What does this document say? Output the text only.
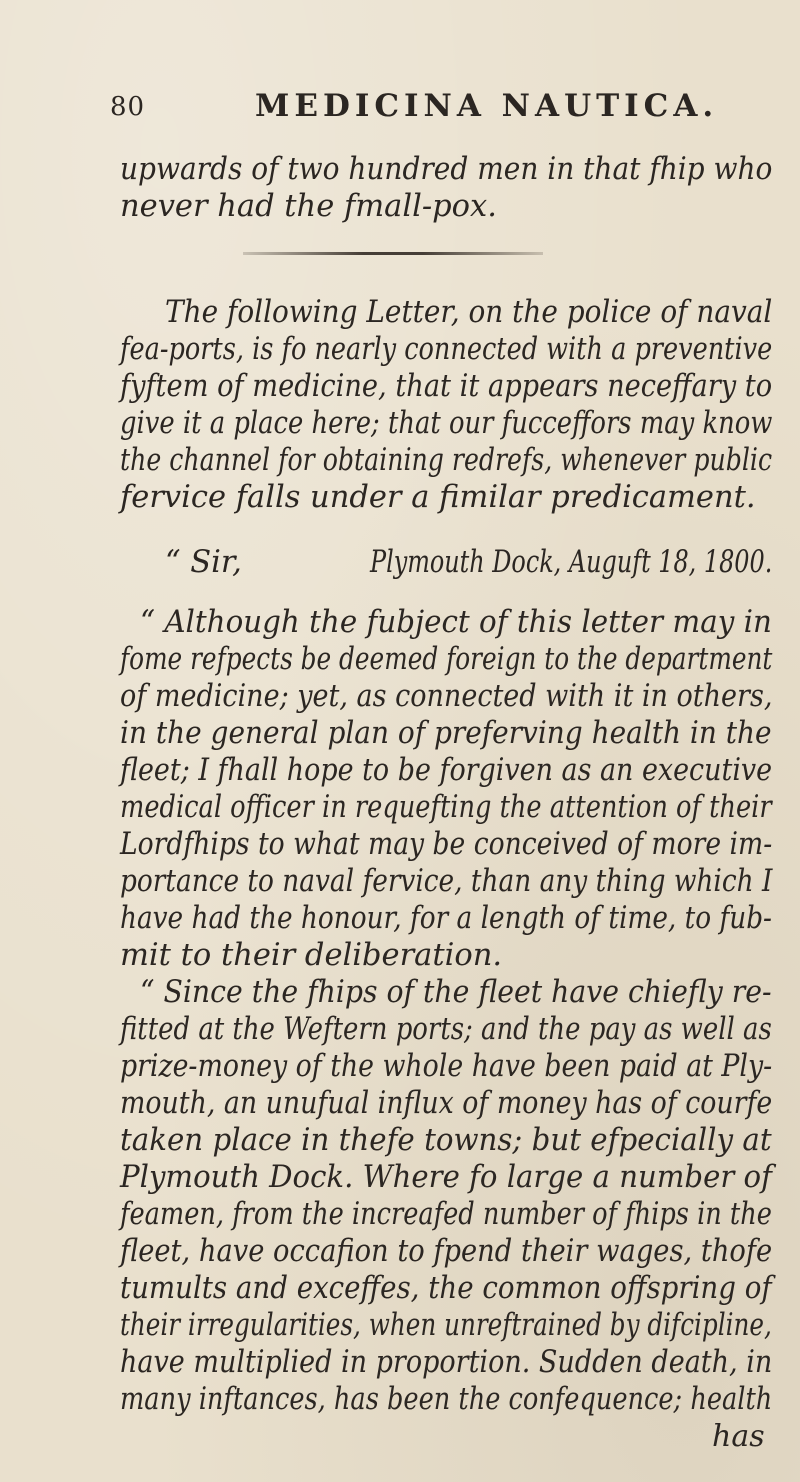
80	MEDICINA NAUTICA.
upwards of two hundred men in that fhip who
never had the fmall-pox.
The following Letter, on the police of naval
fea-ports, is fo nearly connected with a preventive
fyftem of medicine, that it appears neceffary to
give it a place here; that our fucceffors may know
the channel for obtaining redrefs, whenever public
fervice falls under a fimilar predicament.
“ Sir,	Plymouth Dock, Auguft 18, 1800.
“ Although the fubject of this letter may in
fome refpects be deemed foreign to the department
of medicine; yet, as connected with it in others,
in the general plan of preferving health in the
fleet; I fhall hope to be forgiven as an executive
medical officer in requefting the attention of their
Lordfhips to what may be conceived of more im-
portance to naval fervice, than any thing which I
have had the honour, for a length of time, to fub-
mit to their deliberation.
“ Since the fhips of the fleet have chiefly re-
fitted at the Weftern ports; and the pay as well as
prize-money of the whole have been paid at Ply-
mouth, an unufual influx of money has of courfe
taken place in thefe towns; but efpecially at
Plymouth Dock. Where fo large a number of
feamen, from the increafed number of fhips in the
fleet, have occafion to fpend their wages, thofe
tumults and exceffes, the common offspring of
their irregularities, when unreftrained by difcipline,
have multiplied in proportion. Sudden death, in
many inftances, has been the confequence; health
has
